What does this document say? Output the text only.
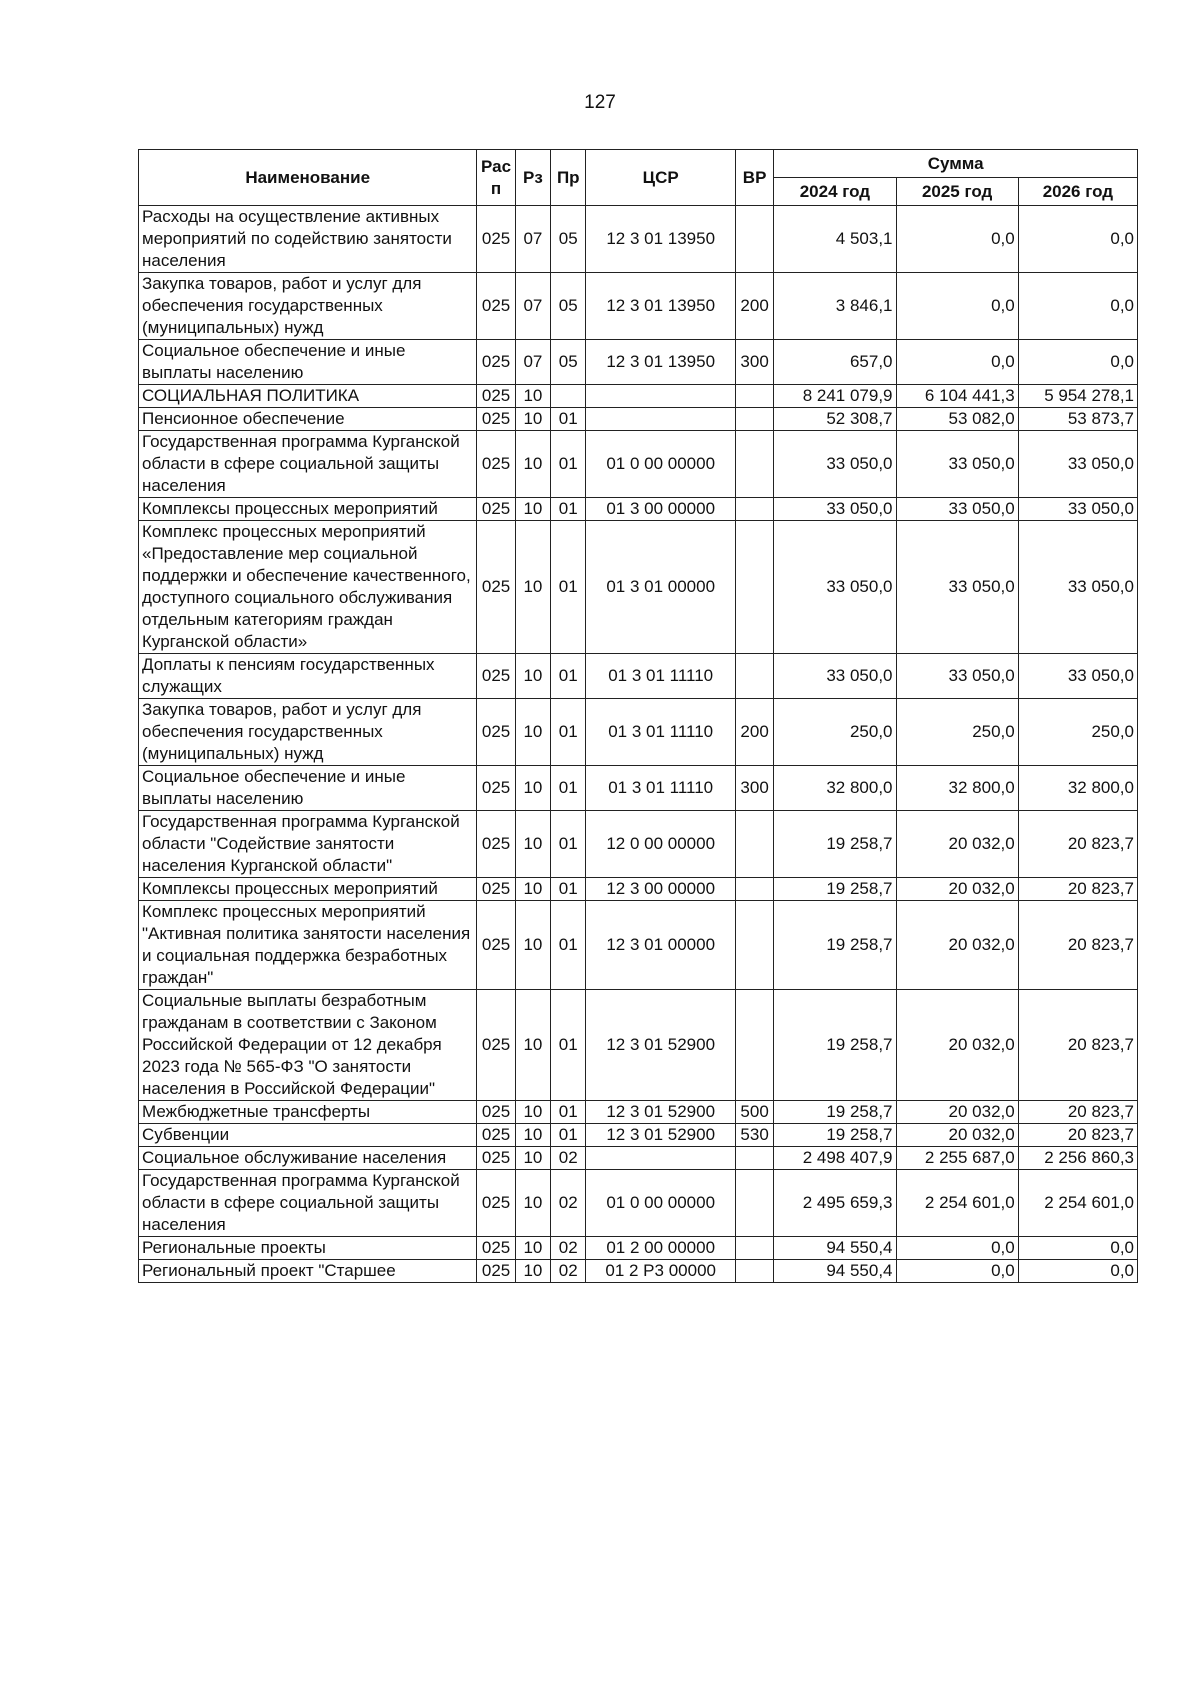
127
Наименование	Рас п	Рз	Пр	ЦСР	ВР	Сумма		
						2024 год	2025 год	2026 год
Расходы на осуществление активных мероприятий по содействию занятости населения	025	07	05	12 3 01 13950		4 503,1	0,0	0,0
Закупка товаров, работ и услуг для обеспечения государственных (муниципальных) нужд	025	07	05	12 3 01 13950	200	3 846,1	0,0	0,0
Социальное обеспечение и иные выплаты населению	025	07	05	12 3 01 13950	300	657,0	0,0	0,0
СОЦИАЛЬНАЯ ПОЛИТИКА	025	10				8 241 079,9	6 104 441,3	5 954 278,1
Пенсионное обеспечение	025	10	01			52 308,7	53 082,0	53 873,7
Государственная программа Курганской области в сфере социальной защиты населения	025	10	01	01 0 00 00000		33 050,0	33 050,0	33 050,0
Комплексы процессных мероприятий	025	10	01	01 3 00 00000		33 050,0	33 050,0	33 050,0
Комплекс процессных мероприятий «Предоставление мер социальной поддержки и обеспечение качественного, доступного социального обслуживания отдельным категориям граждан Курганской области»	025	10	01	01 3 01 00000		33 050,0	33 050,0	33 050,0
Доплаты к пенсиям государственных служащих	025	10	01	01 3 01 11110		33 050,0	33 050,0	33 050,0
Закупка товаров, работ и услуг для обеспечения государственных (муниципальных) нужд	025	10	01	01 3 01 11110	200	250,0	250,0	250,0
Социальное обеспечение и иные выплаты населению	025	10	01	01 3 01 11110	300	32 800,0	32 800,0	32 800,0
Государственная программа Курганской области "Содействие занятости населения Курганской области"	025	10	01	12 0 00 00000		19 258,7	20 032,0	20 823,7
Комплексы процессных мероприятий	025	10	01	12 3 00 00000		19 258,7	20 032,0	20 823,7
Комплекс процессных мероприятий "Активная политика занятости населения и социальная поддержка безработных граждан"	025	10	01	12 3 01 00000		19 258,7	20 032,0	20 823,7
Социальные выплаты безработным гражданам в соответствии с Законом Российской Федерации от 12 декабря 2023 года № 565-ФЗ "О занятости населения в Российской Федерации"	025	10	01	12 3 01 52900		19 258,7	20 032,0	20 823,7
Межбюджетные трансферты	025	10	01	12 3 01 52900	500	19 258,7	20 032,0	20 823,7
Субвенции	025	10	01	12 3 01 52900	530	19 258,7	20 032,0	20 823,7
Социальное обслуживание населения	025	10	02			2 498 407,9	2 255 687,0	2 256 860,3
Государственная программа Курганской области в сфере социальной защиты населения	025	10	02	01 0 00 00000		2 495 659,3	2 254 601,0	2 254 601,0
Региональные проекты	025	10	02	01 2 00 00000		94 550,4	0,0	0,0
Региональный проект "Старшее	025	10	02	01 2 Р3 00000		94 550,4	0,0	0,0
